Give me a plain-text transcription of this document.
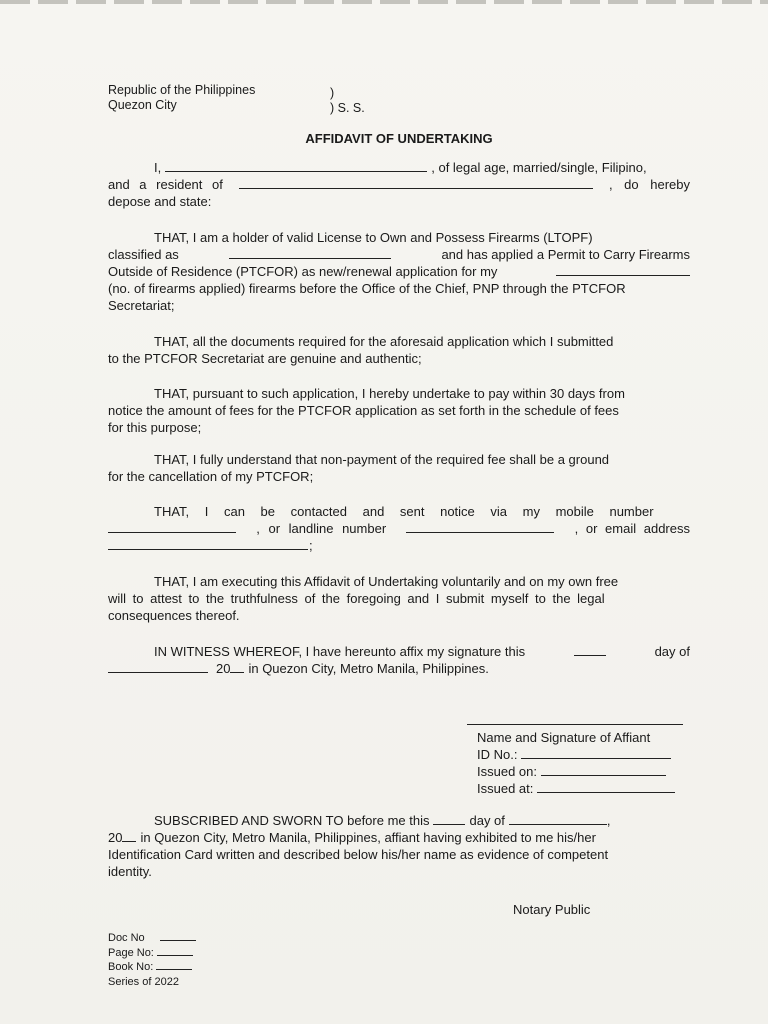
Republic of the Philippines
Quezon City
)
) S. S.
AFFIDAVIT OF UNDERTAKING
I,	, of legal age, married/single, Filipino,
and a resident of	, do hereby
depose and state:
THAT, I am a holder of valid License to Own and Possess Firearms (LTOPF)
classified as	and has applied a Permit to Carry Firearms
Outside of Residence (PTCFOR) as new/renewal application for my
(no. of firearms applied) firearms before the Office of the Chief, PNP through the PTCFOR
Secretariat;
THAT, all the documents required for the aforesaid application which I submitted
to the PTCFOR Secretariat are genuine and authentic;
THAT, pursuant to such application, I hereby undertake to pay within 30 days from
notice the amount of fees for the PTCFOR application as set forth in the schedule of fees
for this purpose;
THAT, I fully understand that non-payment of the required fee shall be a ground
for the cancellation of my PTCFOR;
THAT, I can be contacted and sent notice via my mobile number
, or landline number	, or email address
;
THAT, I am executing this Affidavit of Undertaking voluntarily and on my own free
will to attest to the truthfulness of the foregoing and I submit myself to the legal
consequences thereof.
IN WITNESS WHEREOF, I have hereunto affix my signature this	day of
20 in Quezon City, Metro Manila, Philippines.
Name and Signature of Affiant
ID No.:
Issued on:
Issued at:
SUBSCRIBED AND SWORN TO before me this	day of	,
20 in Quezon City, Metro Manila, Philippines, affiant having exhibited to me his/her
Identification Card written and described below his/her name as evidence of competent
identity.
Notary Public
Doc No
Page No:
Book No:
Series of 2022
